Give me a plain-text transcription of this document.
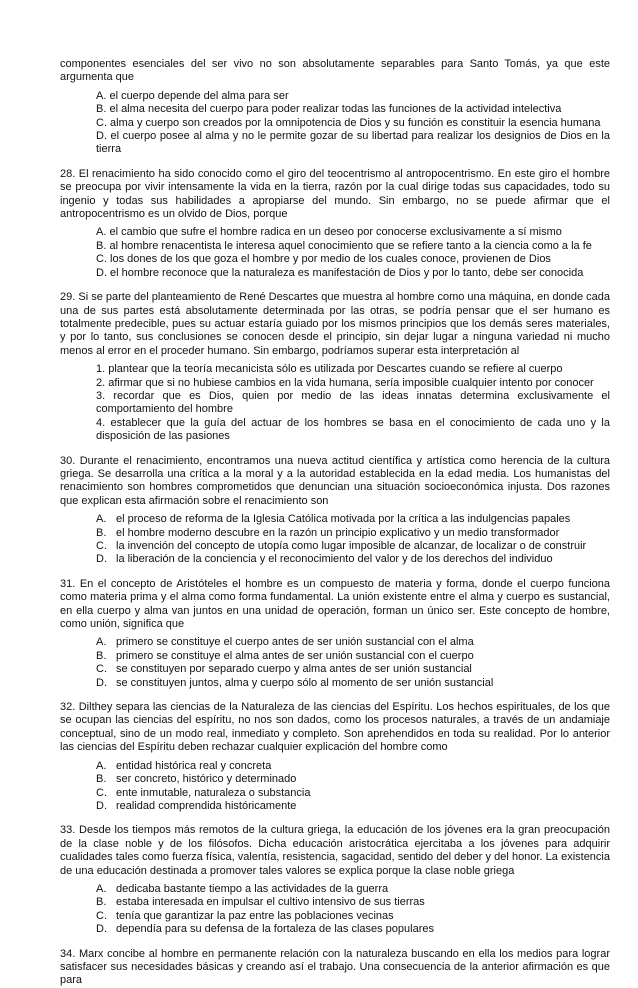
componentes esenciales del ser vivo no son absolutamente separables para Santo Tomás, ya que este argumenta que

A. el cuerpo depende del alma para ser
B. el alma necesita del cuerpo para poder realizar todas las funciones de la actividad intelectiva
C. alma y cuerpo son creados por la omnipotencia de Dios y su función es constituir la esencia humana
D. el cuerpo posee al alma y no le permite gozar de su libertad para realizar los designios de Dios en la tierra

28. El renacimiento ha sido conocido como el giro del teocentrismo al antropocentrismo. En este giro el hombre se preocupa por vivir intensamente la vida en la tierra, razón por la cual dirige todas sus capacidades, todo su ingenio y todas sus habilidades a apropiarse del mundo. Sin embargo, no se puede afirmar que el antropocentrismo es un olvido de Dios, porque

A. el cambio que sufre el hombre radica en un deseo por conocerse exclusivamente a sí mismo
B. al hombre renacentista le interesa aquel conocimiento que se refiere tanto a la ciencia como a la fe
C. los dones de los que goza el hombre y por medio de los cuales conoce, provienen de Dios
D. el hombre reconoce que la naturaleza es manifestación de Dios y por lo tanto, debe ser conocida

29. Si se parte del planteamiento de René Descartes que muestra al hombre como una máquina, en donde cada una de sus partes está absolutamente determinada por las otras, se podría pensar que el ser humano es totalmente predecible, pues su actuar estaría guiado por los mismos principios que los demás seres materiales, y por lo tanto, sus conclusiones se conocen desde el principio, sin dejar lugar a ninguna variedad ni mucho menos al error en el proceder humano. Sin embargo, podríamos superar esta interpretación al

1. plantear que la teoría mecanicista sólo es utilizada por Descartes cuando se refiere al cuerpo
2. afirmar que si no hubiese cambios en la vida humana, sería imposible cualquier intento por conocer
3. recordar que es Dios, quien por medio de las ideas innatas determina exclusivamente el comportamiento del hombre
4. establecer que la guía del actuar de los hombres se basa en el conocimiento de cada uno y la disposición de las pasiones

30. Durante el renacimiento, encontramos una nueva actitud científica y artística como herencia de la cultura griega. Se desarrolla una crítica a la moral y a la autoridad establecida en la edad media. Los humanistas del renacimiento son hombres comprometidos que denuncian una situación socioeconómica injusta. Dos razones que explican esta afirmación sobre el renacimiento son

A. el proceso de reforma de la Iglesia Católica motivada por la crítica a las indulgencias papales
B. el hombre moderno descubre en la razón un principio explicativo y un medio transformador
C. la invención del concepto de utopía como lugar imposible de alcanzar, de localizar o de construir
D. la liberación de la conciencia y el reconocimiento del valor y de los derechos del individuo

31. En el concepto de Aristóteles el hombre es un compuesto de materia y forma, donde el cuerpo funciona como materia prima y el alma como forma fundamental. La unión existente entre el alma y cuerpo es sustancial, en ella cuerpo y alma van juntos en una unidad de operación, forman un único ser. Este concepto de hombre, como unión, significa que

A. primero se constituye el cuerpo antes de ser unión sustancial con el alma
B. primero se constituye el alma antes de ser unión sustancial con el cuerpo
C. se constituyen por separado cuerpo y alma antes de ser unión sustancial
D. se constituyen juntos, alma y cuerpo sólo al momento de ser unión sustancial

32. Dilthey separa las ciencias de la Naturaleza de las ciencias del Espíritu. Los hechos espirituales, de los que se ocupan las ciencias del espíritu, no nos son dados, como los procesos naturales, a través de un andamiaje conceptual, sino de un modo real, inmediato y completo. Son aprehendidos en toda su realidad. Por lo anterior las ciencias del Espíritu deben rechazar cualquier explicación del hombre como

A. entidad histórica real y concreta
B. ser concreto, histórico y determinado
C. ente inmutable, naturaleza o substancia
D. realidad comprendida históricamente

33. Desde los tiempos más remotos de la cultura griega, la educación de los jóvenes era la gran preocupación de la clase noble y de los filósofos. Dicha educación aristocrática ejercitaba a los jóvenes para adquirir cualidades tales como fuerza física, valentía, resistencia, sagacidad, sentido del deber y del honor. La existencia de una educación destinada a promover tales valores se explica porque la clase noble griega

A. dedicaba bastante tiempo a las actividades de la guerra
B. estaba interesada en impulsar el cultivo intensivo de sus tierras
C. tenía que garantizar la paz entre las poblaciones vecinas
D. dependía para su defensa de la fortaleza de las clases populares

34. Marx concibe al hombre en permanente relación con la naturaleza buscando en ella los medios para lograr satisfacer sus necesidades básicas y creando así el trabajo. Una consecuencia de la anterior afirmación es que para
